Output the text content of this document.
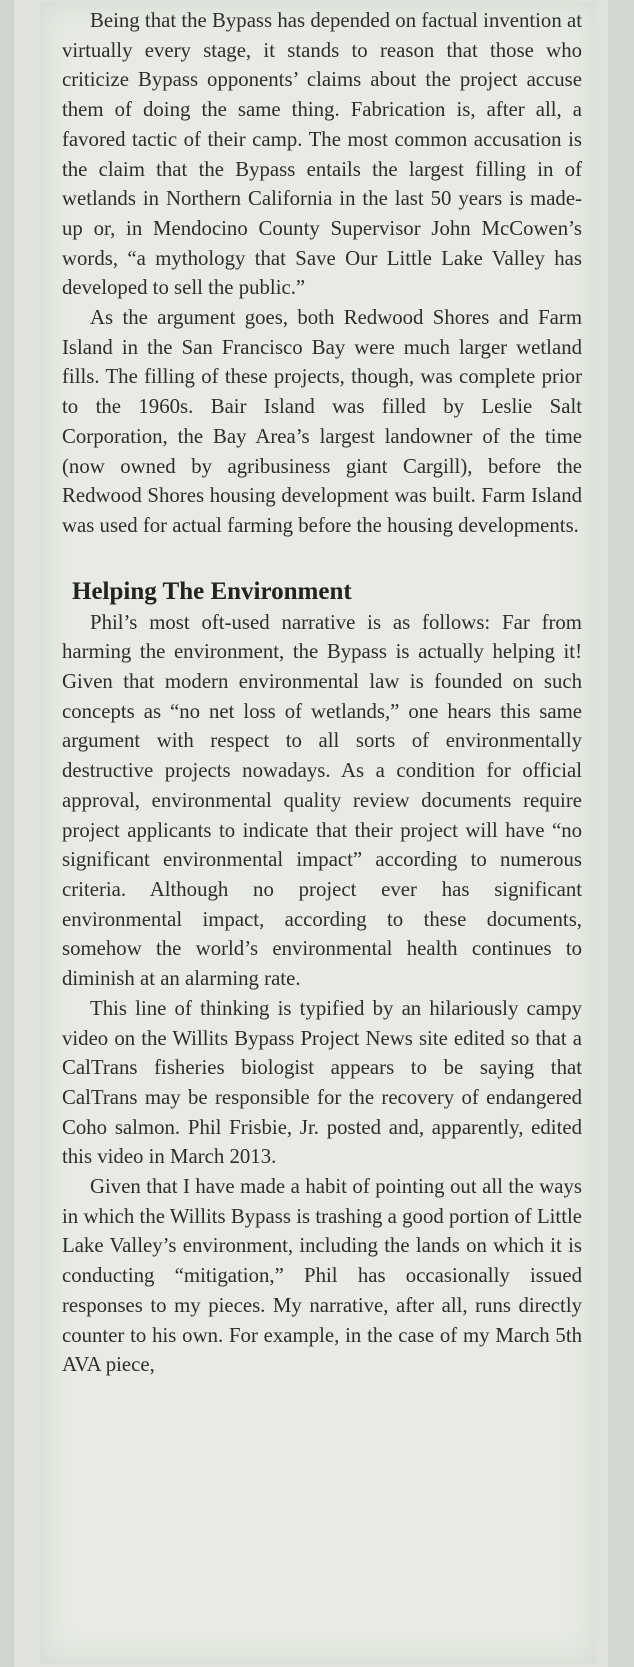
Being that the Bypass has depended on factual invention at virtually every stage, it stands to reason that those who criticize Bypass opponents’ claims about the project accuse them of doing the same thing. Fabrication is, after all, a favored tactic of their camp. The most common accusation is the claim that the Bypass entails the largest filling in of wetlands in Northern California in the last 50 years is made-up or, in Mendocino County Supervisor John McCowen’s words, “a mythology that Save Our Little Lake Valley has developed to sell the public.”

As the argument goes, both Redwood Shores and Farm Island in the San Francisco Bay were much larger wetland fills. The filling of these projects, though, was complete prior to the 1960s. Bair Island was filled by Leslie Salt Corporation, the Bay Area’s largest landowner of the time (now owned by agribusiness giant Cargill), before the Redwood Shores housing development was built. Farm Island was used for actual farming before the housing developments.

Helping The Environment

Phil’s most oft-used narrative is as follows: Far from harming the environment, the Bypass is actually helping it! Given that modern environmental law is founded on such concepts as “no net loss of wetlands,” one hears this same argument with respect to all sorts of environmentally destructive projects nowadays. As a condition for official approval, environmental quality review documents require project applicants to indicate that their project will have “no significant environmental impact” according to numerous criteria. Although no project ever has significant environmental impact, according to these documents, somehow the world’s environmental health continues to diminish at an alarming rate.

This line of thinking is typified by an hilariously campy video on the Willits Bypass Project News site edited so that a CalTrans fisheries biologist appears to be saying that CalTrans may be responsible for the recovery of endangered Coho salmon. Phil Frisbie, Jr. posted and, apparently, edited this video in March 2013.

Given that I have made a habit of pointing out all the ways in which the Willits Bypass is trashing a good portion of Little Lake Valley’s environment, including the lands on which it is conducting “mitigation,” Phil has occasionally issued responses to my pieces. My narrative, after all, runs directly counter to his own. For example, in the case of my March 5th AVA piece,
